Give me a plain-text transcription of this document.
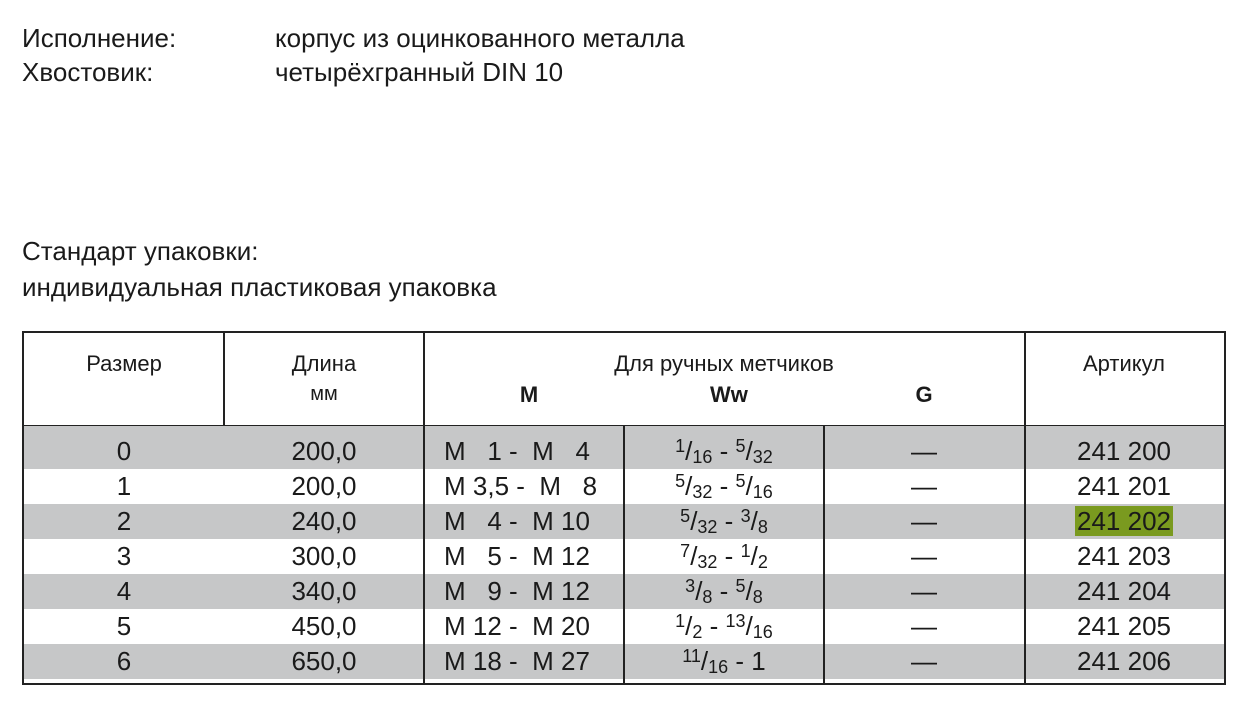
Исполнение:	корпус из оцинкованного металла
Хвостовик:	четырёхгранный DIN 10
Стандарт упаковки:
индивидуальная пластиковая упаковка
Размер	Длина
мм
Для ручных метчиков
M	Ww	G
Артикул
0	200,0	M   1 -  M   4	$^1/_{16} - ^5/_{32}$	—	241 200
1	200,0	M 3,5 -  M   8	$^5/_{32} - ^5/_{16}$	—	241 201
2	240,0	M   4 -  M 10	$^5/_{32} - ^3/_8$	—	241 202
3	300,0	M   5 -  M 12	$^7/_{32} - ^1/_2$	—	241 203
4	340,0	M   9 -  M 12	$^3/_8 - ^5/_8$	—	241 204
5	450,0	M 12 -  M 20	$^1/_2 - ^{13}/_{16}$	—	241 205
6	650,0	M 18 -  M 27	$^{11}/_{16} - 1$	—	241 206
